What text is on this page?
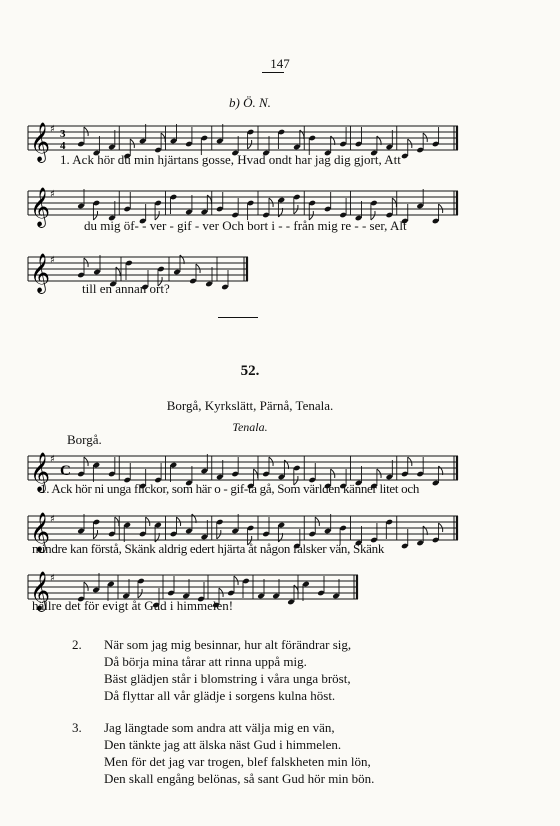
147
b) Ö. N.
𝄞 ♯ 3
4
1. Ack hör du min hjärtans gosse, Hvad ondt har jag dig gjort, Att
𝄞 ♯
du mig öf- - ver - gif - ver Och bort i - - från mig re - - ser, Alt
𝄞 ♯
till en annan ort?
52.
Borgå, Kyrkslätt, Pärnå, Tenala.
Tenala.
Borgå.
𝄞 ♯
C
1. Ack hör ni unga flickor, som här o - gif-ta gå, Som världen känner litet och
𝄞 ♯
mindre kan förstå, Skänk aldrig edert hjärta åt någon falsker vän, Skänk
𝄞 ♯
hällre det för evigt åt Gud i himmelen!
2.	När som jag mig besinnar, hur alt förändrar sig,
Då börja mina tårar att rinna uppå mig.
Bäst glädjen står i blomstring i våra unga bröst,
Då flyttar all vår glädje i sorgens kulna höst.
3.	Jag längtade som andra att välja mig en vän,
Den tänkte jag att älska näst Gud i himmelen.
Men för det jag var trogen, blef falskheten min lön,
Den skall engång belönas, så sant Gud hör min bön.
